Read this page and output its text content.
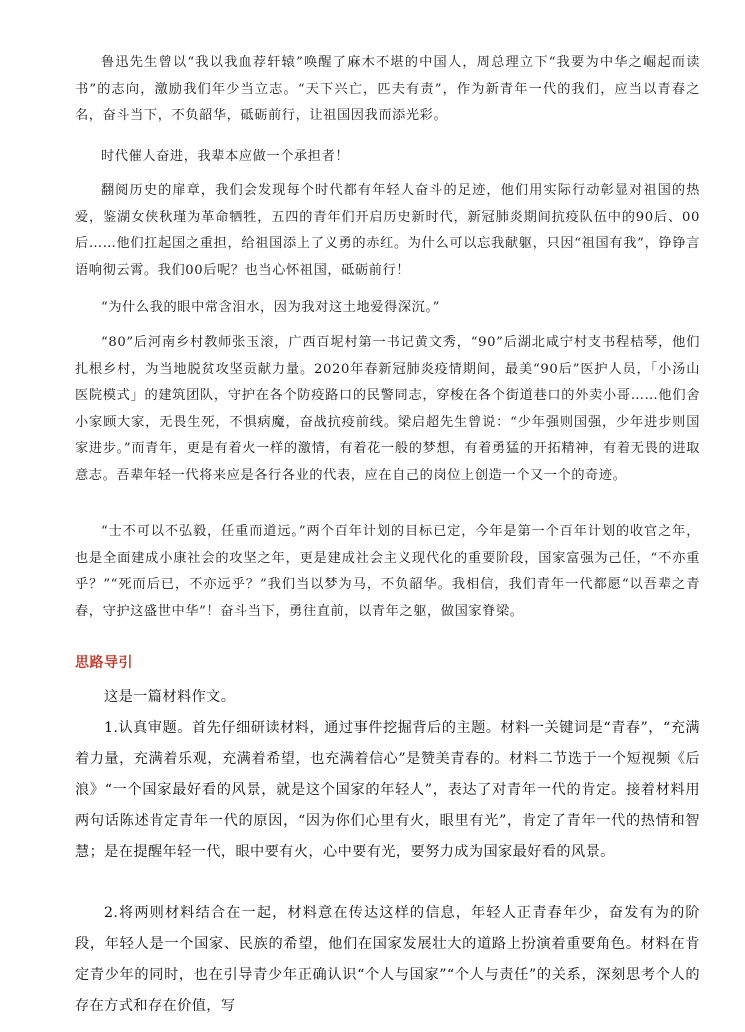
鲁迅先生曾以“我以我血荐轩辕”唤醒了麻木不堪的中国人，周总理立下“我要为中华之崛起而读书”的志向，激励我们年少当立志。“天下兴亡，匹夫有责”，作为新青年一代的我们，应当以青春之名，奋斗当下，不负韶华，砥砺前行，让祖国因我而添光彩。

时代催人奋进，我辈本应做一个承担者！

翻阅历史的扉章，我们会发现每个时代都有年轻人奋斗的足迹，他们用实际行动彰显对祖国的热爱，鉴湖女侠秋瑾为革命牺牲，五四的青年们开启历史新时代，新冠肺炎期间抗疫队伍中的90后、00后……他们扛起国之重担，给祖国添上了义勇的赤红。为什么可以忘我献躯，只因“祖国有我”，铮铮言语响彻云霄。我们00后呢？也当心怀祖国，砥砺前行！

“为什么我的眼中常含泪水，因为我对这土地爱得深沉。”

“80”后河南乡村教师张玉滚，广西百坭村第一书记黄文秀，“90”后湖北咸宁村支书程桔琴，他们扎根乡村，为当地脱贫攻坚贡献力量。2020年春新冠肺炎疫情期间，最美“90后”医护人员，「小汤山医院模式」的建筑团队，守护在各个防疫路口的民警同志，穿梭在各个街道巷口的外卖小哥……他们舍小家顾大家，无畏生死，不惧病魔，奋战抗疫前线。梁启超先生曾说：“少年强则国强，少年进步则国家进步。”而青年，更是有着火一样的激情，有着花一般的梦想，有着勇猛的开拓精神，有着无畏的进取意志。吾辈年轻一代将来应是各行各业的代表，应在自己的岗位上创造一个又一个的奇迹。

“士不可以不弘毅，任重而道远。”两个百年计划的目标已定，今年是第一个百年计划的收官之年，也是全面建成小康社会的攻坚之年，更是建成社会主义现代化的重要阶段，国家富强为己任，“不亦重乎？”“死而后已，不亦远乎？”我们当以梦为马，不负韶华。我相信，我们青年一代都愿“以吾辈之青春，守护这盛世中华”！奋斗当下，勇往直前，以青年之躯，做国家脊梁。

思路导引

这是一篇材料作文。

1.认真审题。首先仔细研读材料，通过事件挖掘背后的主题。材料一关键词是“青春”，“充满着力量，充满着乐观，充满着希望，也充满着信心”是赞美青春的。材料二节选于一个短视频《后浪》“一个国家最好看的风景，就是这个国家的年轻人”，表达了对青年一代的肯定。接着材料用两句话陈述肯定青年一代的原因，“因为你们心里有火，眼里有光”，肯定了青年一代的热情和智慧；是在提醒年轻一代，眼中要有火，心中要有光，要努力成为国家最好看的风景。

2.将两则材料结合在一起，材料意在传达这样的信息，年轻人正青春年少，奋发有为的阶段，年轻人是一个国家、民族的希望，他们在国家发展壮大的道路上扮演着重要角色。材料在肯定青少年的同时，也在引导青少年正确认识“个人与国家”“个人与责任”的关系，深刻思考个人的存在方式和存在价值，写
